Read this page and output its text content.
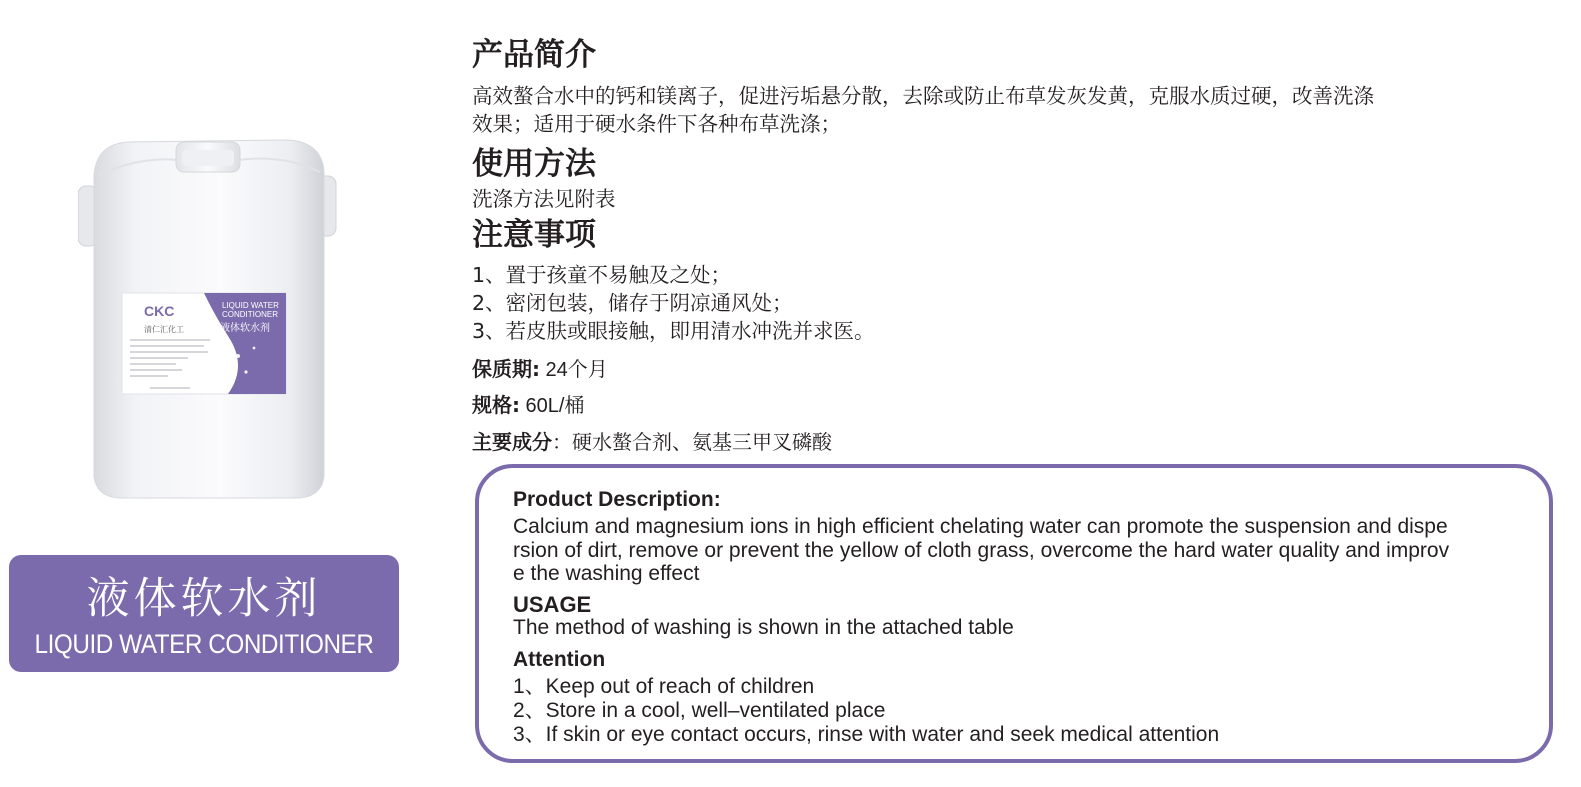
CKC
清仁汇化工
LIQUID WATER
CONDITIONER
液体软水剂
液体软水剂
LIQUID WATER CONDITIONER
产品简介
高效螯合水中的钙和镁离子，促进污垢悬分散，去除或防止布草发灰发黄，克服水质过硬，改善洗涤
效果；适用于硬水条件下各种布草洗涤；
使用方法
洗涤方法见附表
注意事项
1、置于孩童不易触及之处；
2、密闭包装，储存于阴凉通风处；
3、若皮肤或眼接触，即用清水冲洗并求医。
保质期: 24个月
规格: 60L/桶
主要成分：硬水螯合剂、氨基三甲叉磷酸
Product Description:
Calcium and magnesium ions in high efficient chelating water can promote the suspension and dispe
rsion of dirt, remove or prevent the yellow of cloth grass, overcome the hard water quality and improv
e the washing effect
USAGE
The method of washing is shown in the attached table
Attention
1、Keep out of reach of children
2、Store in a cool, well–ventilated place
3、If skin or eye contact occurs, rinse with water and seek medical attention
